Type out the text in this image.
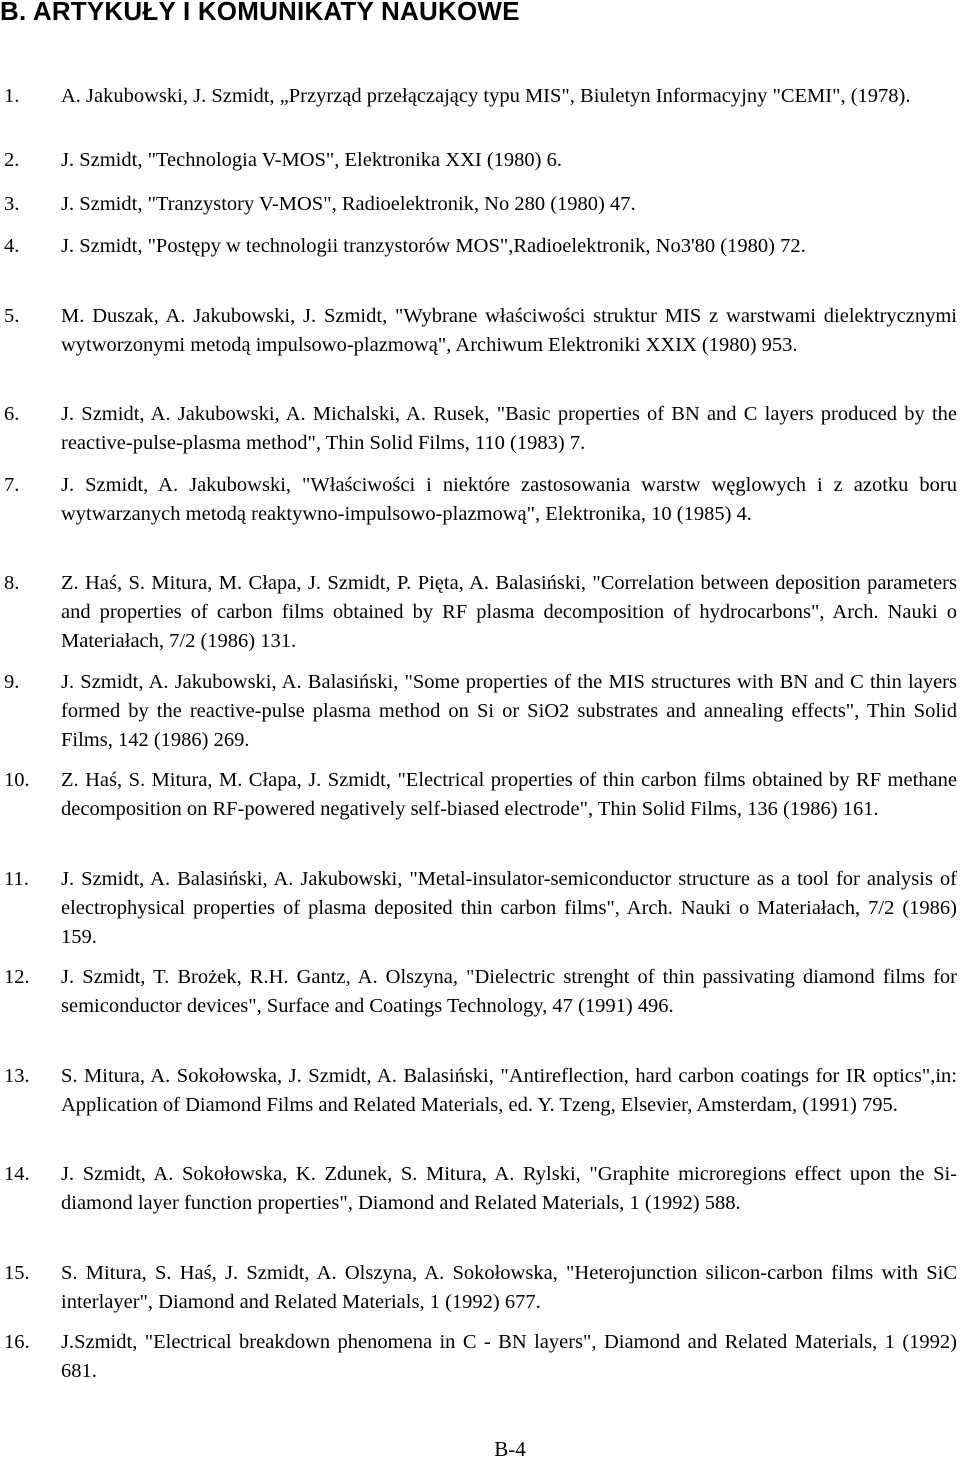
B. ARTYKUŁY I KOMUNIKATY NAUKOWE
1. A. Jakubowski, J. Szmidt, „Przyrząd przełączający typu MIS", Biuletyn Informacyjny "CEMI", (1978).
2. J. Szmidt, "Technologia V-MOS", Elektronika XXI (1980) 6.
3. J. Szmidt, "Tranzystory V-MOS", Radioelektronik, No 280 (1980) 47.
4. J. Szmidt, "Postępy w technologii tranzystorów MOS",Radioelektronik, No3'80 (1980) 72.
5. M. Duszak, A. Jakubowski, J. Szmidt, "Wybrane właściwości struktur MIS z warstwami dielektrycznymi wytworzonymi metodą impulsowo-plazmową", Archiwum Elektroniki XXIX (1980) 953.
6. J. Szmidt, A. Jakubowski, A. Michalski, A. Rusek, "Basic properties of BN and C layers produced by the reactive-pulse-plasma method", Thin Solid Films, 110 (1983) 7.
7. J. Szmidt, A. Jakubowski, "Właściwości i niektóre zastosowania warstw węglowych i z azotku boru wytwarzanych metodą reaktywno-impulsowo-plazmową", Elektronika, 10 (1985) 4.
8. Z. Haś, S. Mitura, M. Cłapa, J. Szmidt, P. Pięta, A. Balasiński, "Correlation between deposition parameters and properties of carbon films obtained by RF plasma decomposition of hydrocarbons", Arch. Nauki o Materiałach, 7/2 (1986) 131.
9. J. Szmidt, A. Jakubowski, A. Balasiński, "Some properties of the MIS structures with BN and C thin layers formed by the reactive-pulse plasma method on Si or SiO2 substrates and annealing effects", Thin Solid Films, 142 (1986) 269.
10. Z. Haś, S. Mitura, M. Cłapa, J. Szmidt, "Electrical properties of thin carbon films obtained by RF methane decomposition on RF-powered negatively self-biased electrode", Thin Solid Films, 136 (1986) 161.
11. J. Szmidt, A. Balasiński, A. Jakubowski, "Metal-insulator-semiconductor structure as a tool for analysis of electrophysical properties of plasma deposited thin carbon films", Arch. Nauki o Materiałach, 7/2 (1986) 159.
12. J. Szmidt, T. Brożek, R.H. Gantz, A. Olszyna, "Dielectric strenght of thin passivating diamond films for semiconductor devices", Surface and Coatings Technology, 47 (1991) 496.
13. S. Mitura, A. Sokołowska, J. Szmidt, A. Balasiński, "Antireflection, hard carbon coatings for IR optics",in: Application of Diamond Films and Related Materials, ed. Y. Tzeng, Elsevier, Amsterdam, (1991) 795.
14. J. Szmidt, A. Sokołowska, K. Zdunek, S. Mitura, A. Rylski, "Graphite microregions effect upon the Si-diamond layer function properties", Diamond and Related Materials, 1 (1992) 588.
15. S. Mitura, S. Haś, J. Szmidt, A. Olszyna, A. Sokołowska, "Heterojunction silicon-carbon films with SiC interlayer", Diamond and Related Materials, 1 (1992) 677.
16. J.Szmidt, "Electrical breakdown phenomena in C - BN layers", Diamond and Related Materials, 1 (1992) 681.
B-4
